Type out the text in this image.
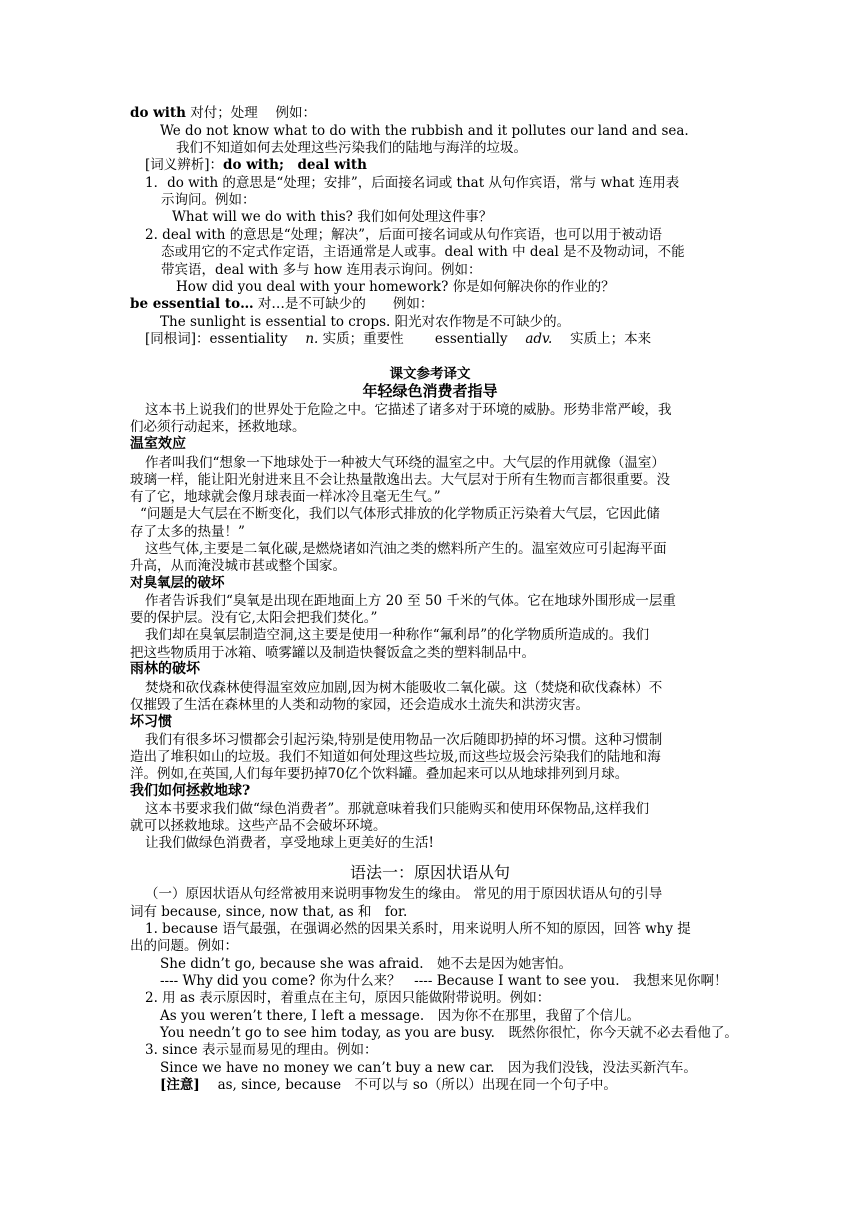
do with 对付；处理　 例如：
We do not know what to do with the rubbish and it pollutes our land and sea.
我们不知道如何去处理这些污染我们的陆地与海洋的垃圾。
[词义辨析]：do with;　deal with
1．do with 的意思是“处理；安排”，后面接名词或 that 从句作宾语，常与 what 连用表
示询问。例如：
What will we do with this? 我们如何处理这件事？
2. deal with 的意思是“处理；解决”，后面可接名词或从句作宾语，也可以用于被动语
态或用它的不定式作定语，主语通常是人或事。deal with 中 deal 是不及物动词，不能
带宾语，deal with 多与 how 连用表示询问。例如：
How did you deal with your homework? 你是如何解决你的作业的？
be essential to… 对…是不可缺少的　　例如：
The sunlight is essential to crops. 阳光对农作物是不可缺少的。
[同根词]：essentiality　 n. 实质；重要性　　 essentially　 adv.　 实质上；本来
课文参考译文
年轻绿色消费者指导
这本书上说我们的世界处于危险之中。它描述了诸多对于环境的威胁。形势非常严峻，我
们必须行动起来，拯救地球。
温室效应
作者叫我们“想象一下地球处于一种被大气环绕的温室之中。大气层的作用就像（温室）
玻璃一样，能让阳光射进来且不会让热量散逸出去。大气层对于所有生物而言都很重要。没
有了它，地球就会像月球表面一样冰冷且毫无生气。”
“问题是大气层在不断变化，我们以气体形式排放的化学物质正污染着大气层，它因此储
存了太多的热量！”
这些气体,主要是二氧化碳,是燃烧诸如汽油之类的燃料所产生的。温室效应可引起海平面
升高，从而淹没城市甚或整个国家。
对臭氧层的破坏
作者告诉我们“臭氧是出现在距地面上方 20 至 50 千米的气体。它在地球外围形成一层重
要的保护层。没有它,太阳会把我们焚化。”
我们却在臭氧层制造空洞,这主要是使用一种称作“氟利昂”的化学物质所造成的。我们
把这些物质用于冰箱、喷雾罐以及制造快餐饭盒之类的塑料制品中。
雨林的破坏
焚烧和砍伐森林使得温室效应加剧,因为树木能吸收二氧化碳。这（焚烧和砍伐森林）不
仅摧毁了生活在森林里的人类和动物的家园，还会造成水土流失和洪涝灾害。
坏习惯
我们有很多坏习惯都会引起污染,特别是使用物品一次后随即扔掉的坏习惯。这种习惯制
造出了堆积如山的垃圾。我们不知道如何处理这些垃圾,而这些垃圾会污染我们的陆地和海
洋。例如,在英国,人们每年要扔掉70亿个饮料罐。叠加起来可以从地球排列到月球。
我们如何拯救地球?
这本书要求我们做“绿色消费者”。那就意味着我们只能购买和使用环保物品,这样我们
就可以拯救地球。这些产品不会破坏环境。
让我们做绿色消费者，享受地球上更美好的生活!
语法一：原因状语从句
（一）原因状语从句经常被用来说明事物发生的缘由。 常见的用于原因状语从句的引导
词有 because, since, now that, as 和　for.
1. because 语气最强，在强调必然的因果关系时，用来说明人所不知的原因，回答 why 提
出的问题。例如：
She didn’t go, because she was afraid.　她不去是因为她害怕。
---- Why did you come? 你为什么来？　---- Because I want to see you.　我想来见你啊！
2. 用 as 表示原因时，着重点在主句，原因只能做附带说明。例如：
As you weren’t there, I left a message.　因为你不在那里，我留了个信儿。
You needn’t go to see him today, as you are busy.　既然你很忙，你今天就不必去看他了。
3. since 表示显而易见的理由。例如：
Since we have no money we can’t buy a new car.　因为我们没钱，没法买新汽车。
[注意]　 as, since, because　不可以与 so（所以）出现在同一个句子中。
